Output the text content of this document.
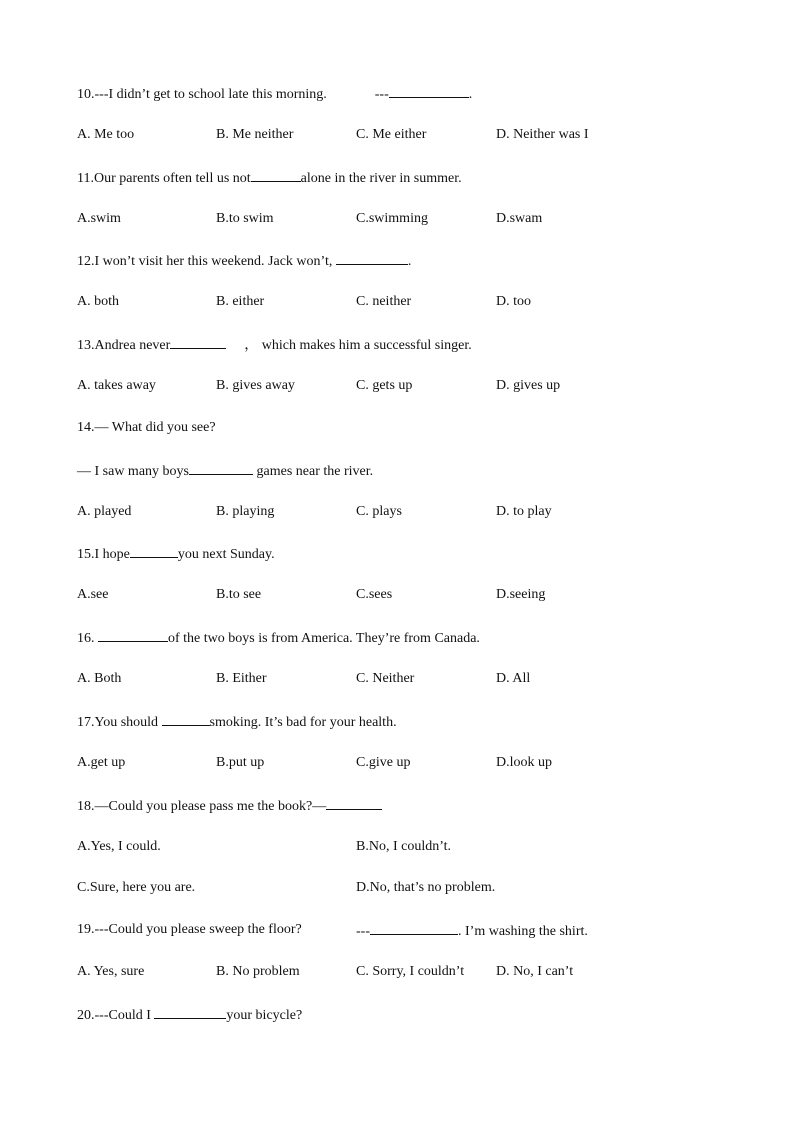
10.---I didn’t get to school late this morning.	---	.
A. Me too	B. Me neither	C. Me either	D. Neither was I
11.Our parents often tell us not	alone in the river in summer.
A.swim	B.to swim	C.swimming	D.swam
12.I won’t visit her this weekend. Jack won’t,	.
A. both	B. either	C. neither	D. too
13.Andrea never	， which makes him a successful singer.
A. takes away	B. gives away	C. gets up	D. gives up
14.— What did you see?
— I saw many boys	games near the river.
A. played	B. playing	C. plays	D. to play
15.I hope	you next Sunday.
A.see	B.to see	C.sees	D.seeing
16.	of the two boys is from America. They’re from Canada.
A. Both	B. Either	C. Neither	D. All
17.You should	smoking. It’s bad for your health.
A.get up	B.put up	C.give up	D.look up
18.—Could you please pass me the book?—
A.Yes, I could.	B.No, I couldn’t.
C.Sure, here you are.	D.No, that’s no problem.
19.---Could you please sweep the floor?	---	. I’m washing the shirt.
A. Yes, sure	B. No problem	C. Sorry, I couldn’t D. No, I can’t
20.---Could I	your bicycle?
